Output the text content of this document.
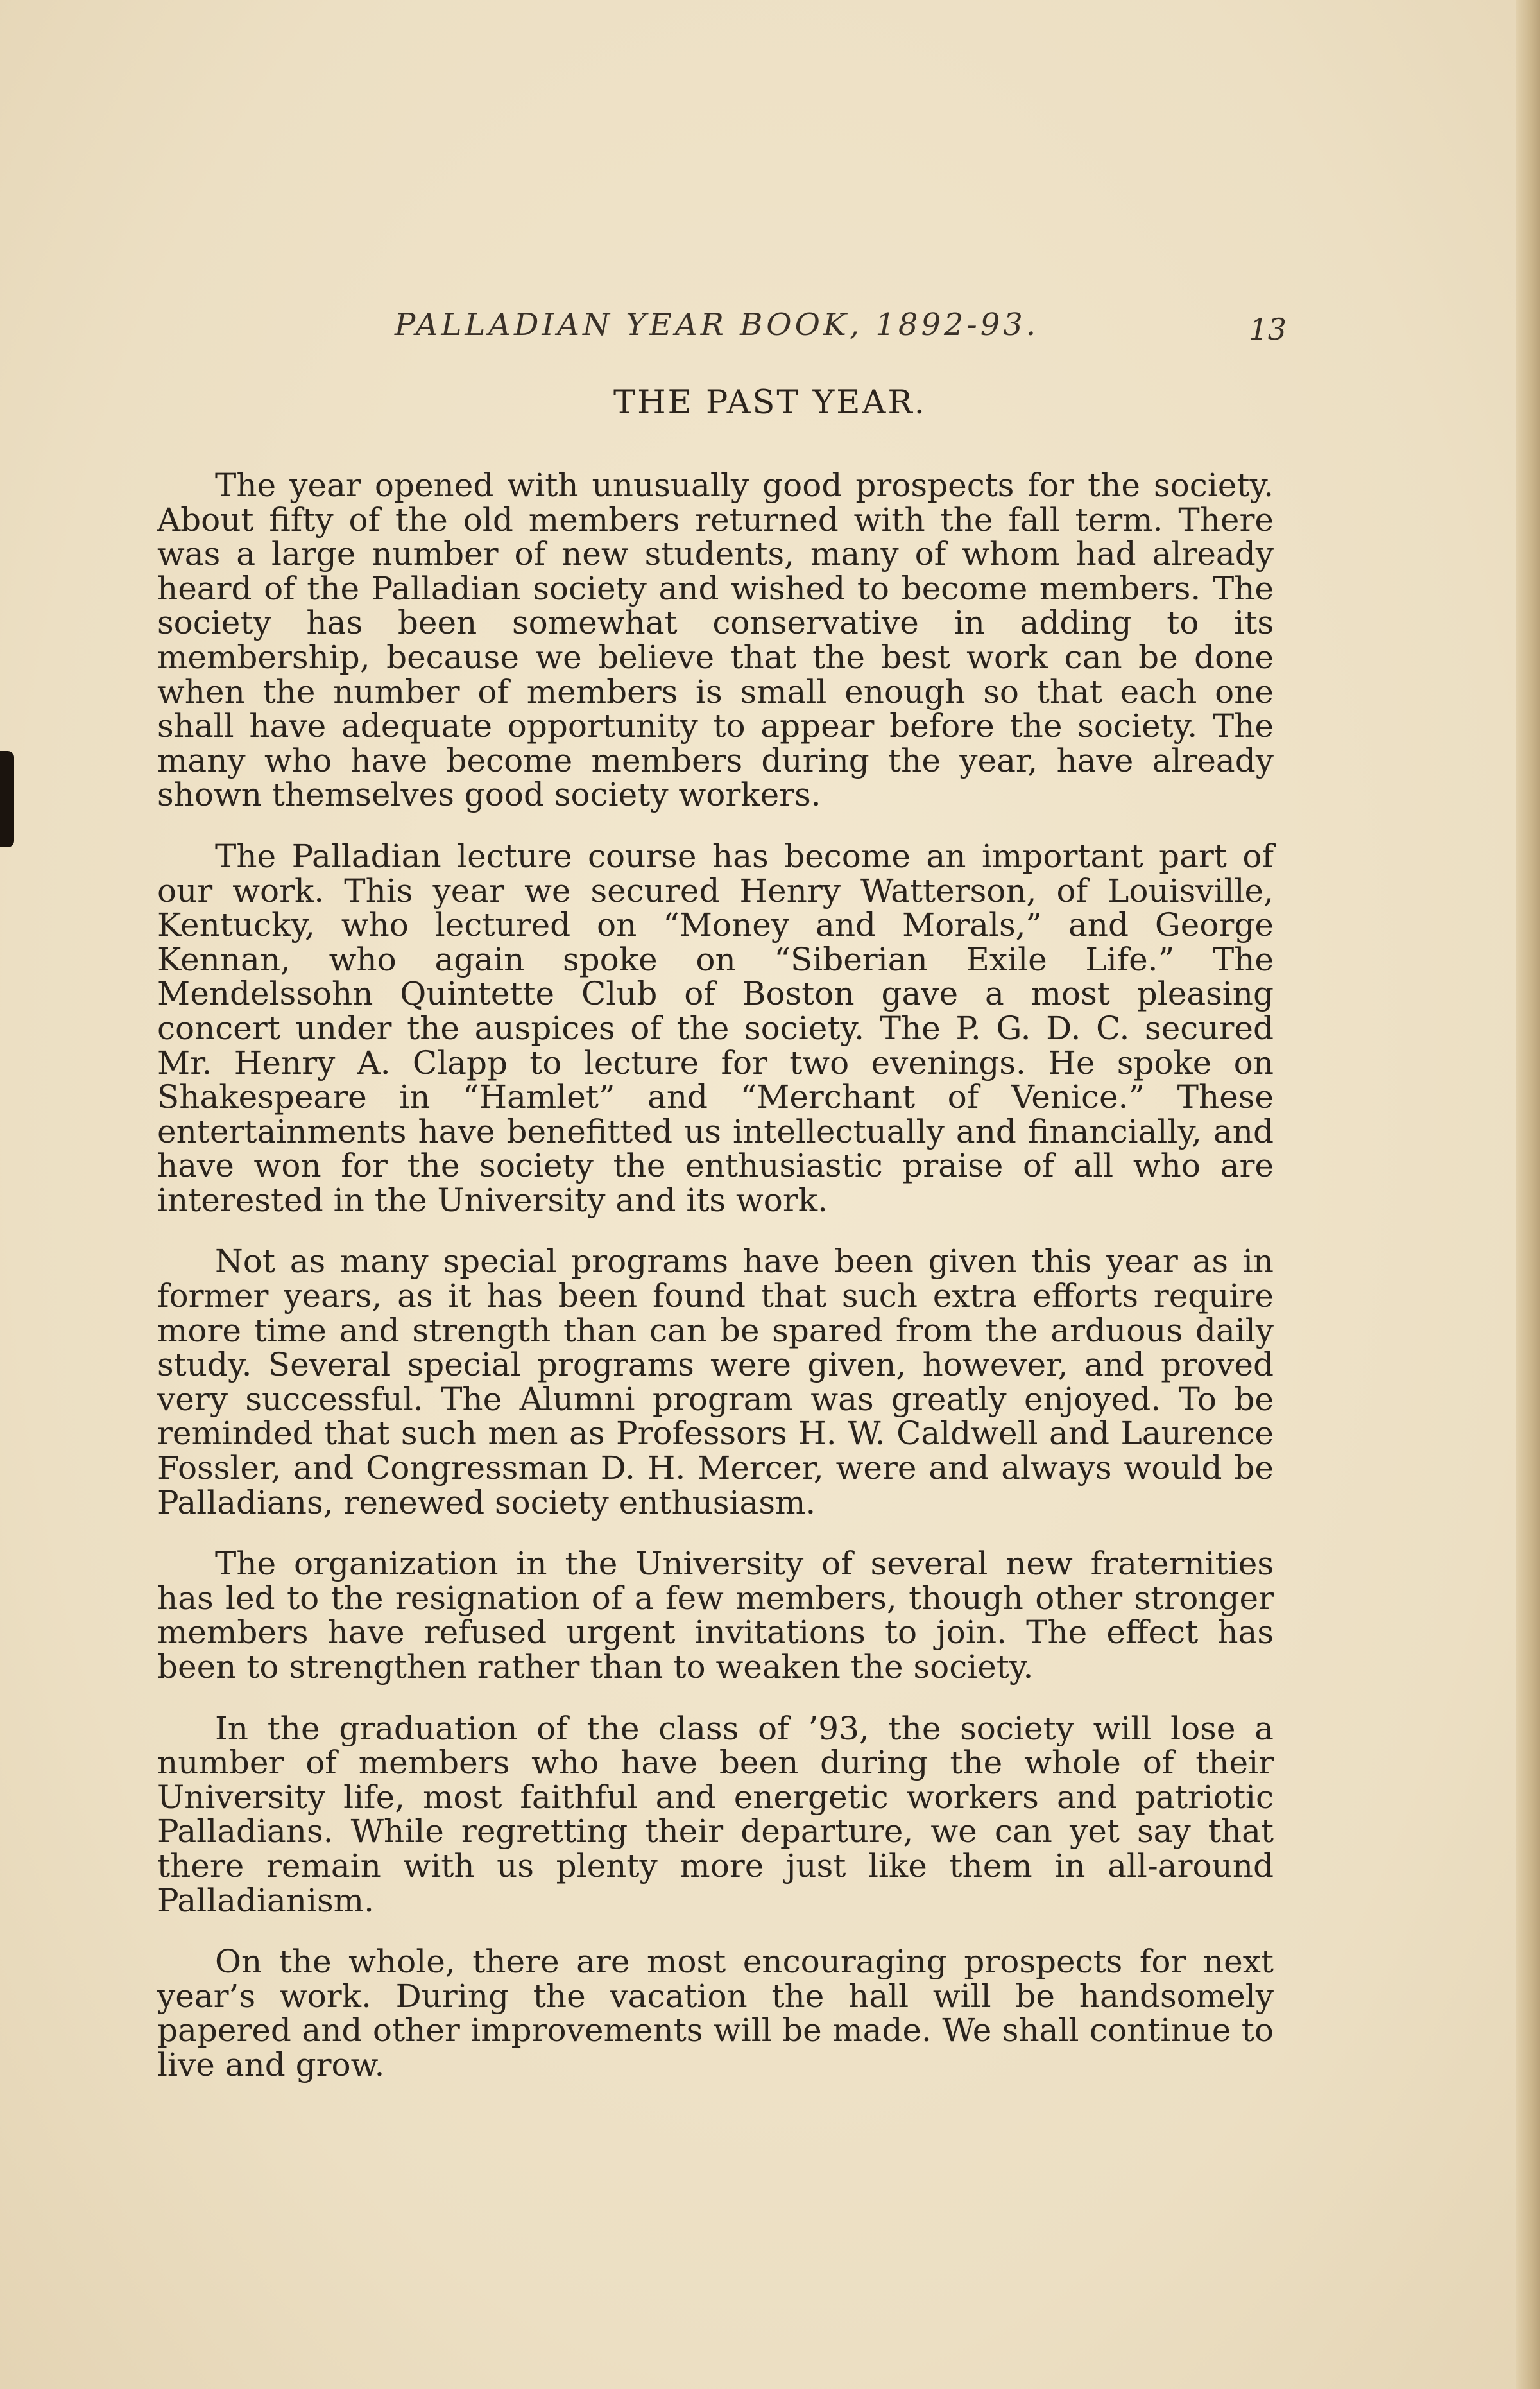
PALLADIAN YEAR BOOK, 1892-93.	13
THE PAST YEAR.

The year opened with unusually good prospects for the society. About fifty of the old members returned with the fall term. There was a large number of new students, many of whom had already heard of the Palladian society and wished to become members. The society has been somewhat conservative in adding to its membership, because we believe that the best work can be done when the number of members is small enough so that each one shall have adequate opportunity to appear before the society. The many who have become members during the year, have already shown themselves good society workers.

The Palladian lecture course has become an important part of our work. This year we secured Henry Watterson, of Louisville, Kentucky, who lectured on “Money and Morals,” and George Kennan, who again spoke on “Siberian Exile Life.” The Mendelssohn Quintette Club of Boston gave a most pleasing concert under the auspices of the society. The P. G. D. C. secured Mr. Henry A. Clapp to lecture for two evenings. He spoke on Shakespeare in “Hamlet” and “Merchant of Venice.” These entertainments have benefitted us intellectually and financially, and have won for the society the enthusiastic praise of all who are interested in the University and its work.

Not as many special programs have been given this year as in former years, as it has been found that such extra efforts require more time and strength than can be spared from the arduous daily study. Several special programs were given, however, and proved very successful. The Alumni program was greatly enjoyed. To be reminded that such men as Professors H. W. Caldwell and Laurence Fossler, and Congressman D. H. Mercer, were and always would be Palladians, renewed society enthusiasm.

The organization in the University of several new fraternities has led to the resignation of a few members, though other stronger members have refused urgent invitations to join. The effect has been to strengthen rather than to weaken the society.

In the graduation of the class of ’93, the society will lose a number of members who have been during the whole of their University life, most faithful and energetic workers and patriotic Palladians. While regretting their departure, we can yet say that there remain with us plenty more just like them in all-around Palladianism.

On the whole, there are most encouraging prospects for next year’s work. During the vacation the hall will be handsomely papered and other improvements will be made. We shall continue to live and grow.
